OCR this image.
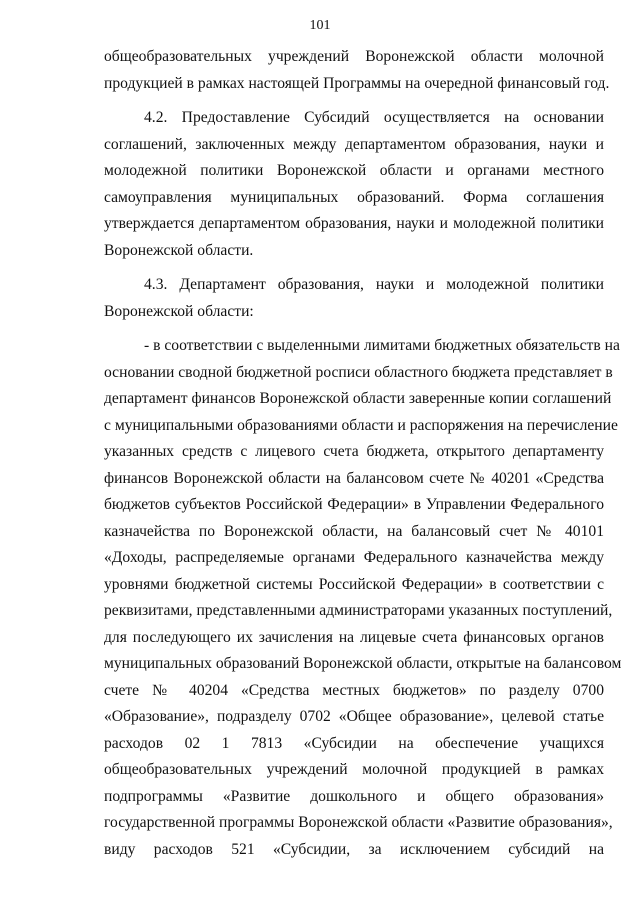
101
общеобразовательных учреждений Воронежской области молочной
продукцией в рамках настоящей Программы на очередной финансовый год.
4.2. Предоставление Субсидий осуществляется на основании
соглашений, заключенных между департаментом образования, науки и
молодежной политики Воронежской области и органами местного
самоуправления муниципальных образований. Форма соглашения
утверждается департаментом образования, науки и молодежной политики
Воронежской области.
4.3. Департамент образования, науки и молодежной политики
Воронежской области:
- в соответствии с выделенными лимитами бюджетных обязательств на
основании сводной бюджетной росписи областного бюджета представляет в
департамент финансов Воронежской области заверенные копии соглашений
с муниципальными образованиями области и распоряжения на перечисление
указанных средств с лицевого счета бюджета, открытого департаменту
финансов Воронежской области на балансовом счете № 40201 «Средства
бюджетов субъектов Российской Федерации» в Управлении Федерального
казначейства по Воронежской области, на балансовый счет № 40101
«Доходы, распределяемые органами Федерального казначейства между
уровнями бюджетной системы Российской Федерации» в соответствии с
реквизитами, представленными администраторами указанных поступлений,
для последующего их зачисления на лицевые счета финансовых органов
муниципальных образований Воронежской области, открытые на балансовом
счете № 40204 «Средства местных бюджетов» по разделу 0700
«Образование», подразделу 0702 «Общее образование», целевой статье
расходов 02 1 7813 «Субсидии на обеспечение учащихся
общеобразовательных учреждений молочной продукцией в рамках
подпрограммы «Развитие дошкольного и общего образования»
государственной программы Воронежской области «Развитие образования»,
виду расходов 521 «Субсидии, за исключением субсидий на
